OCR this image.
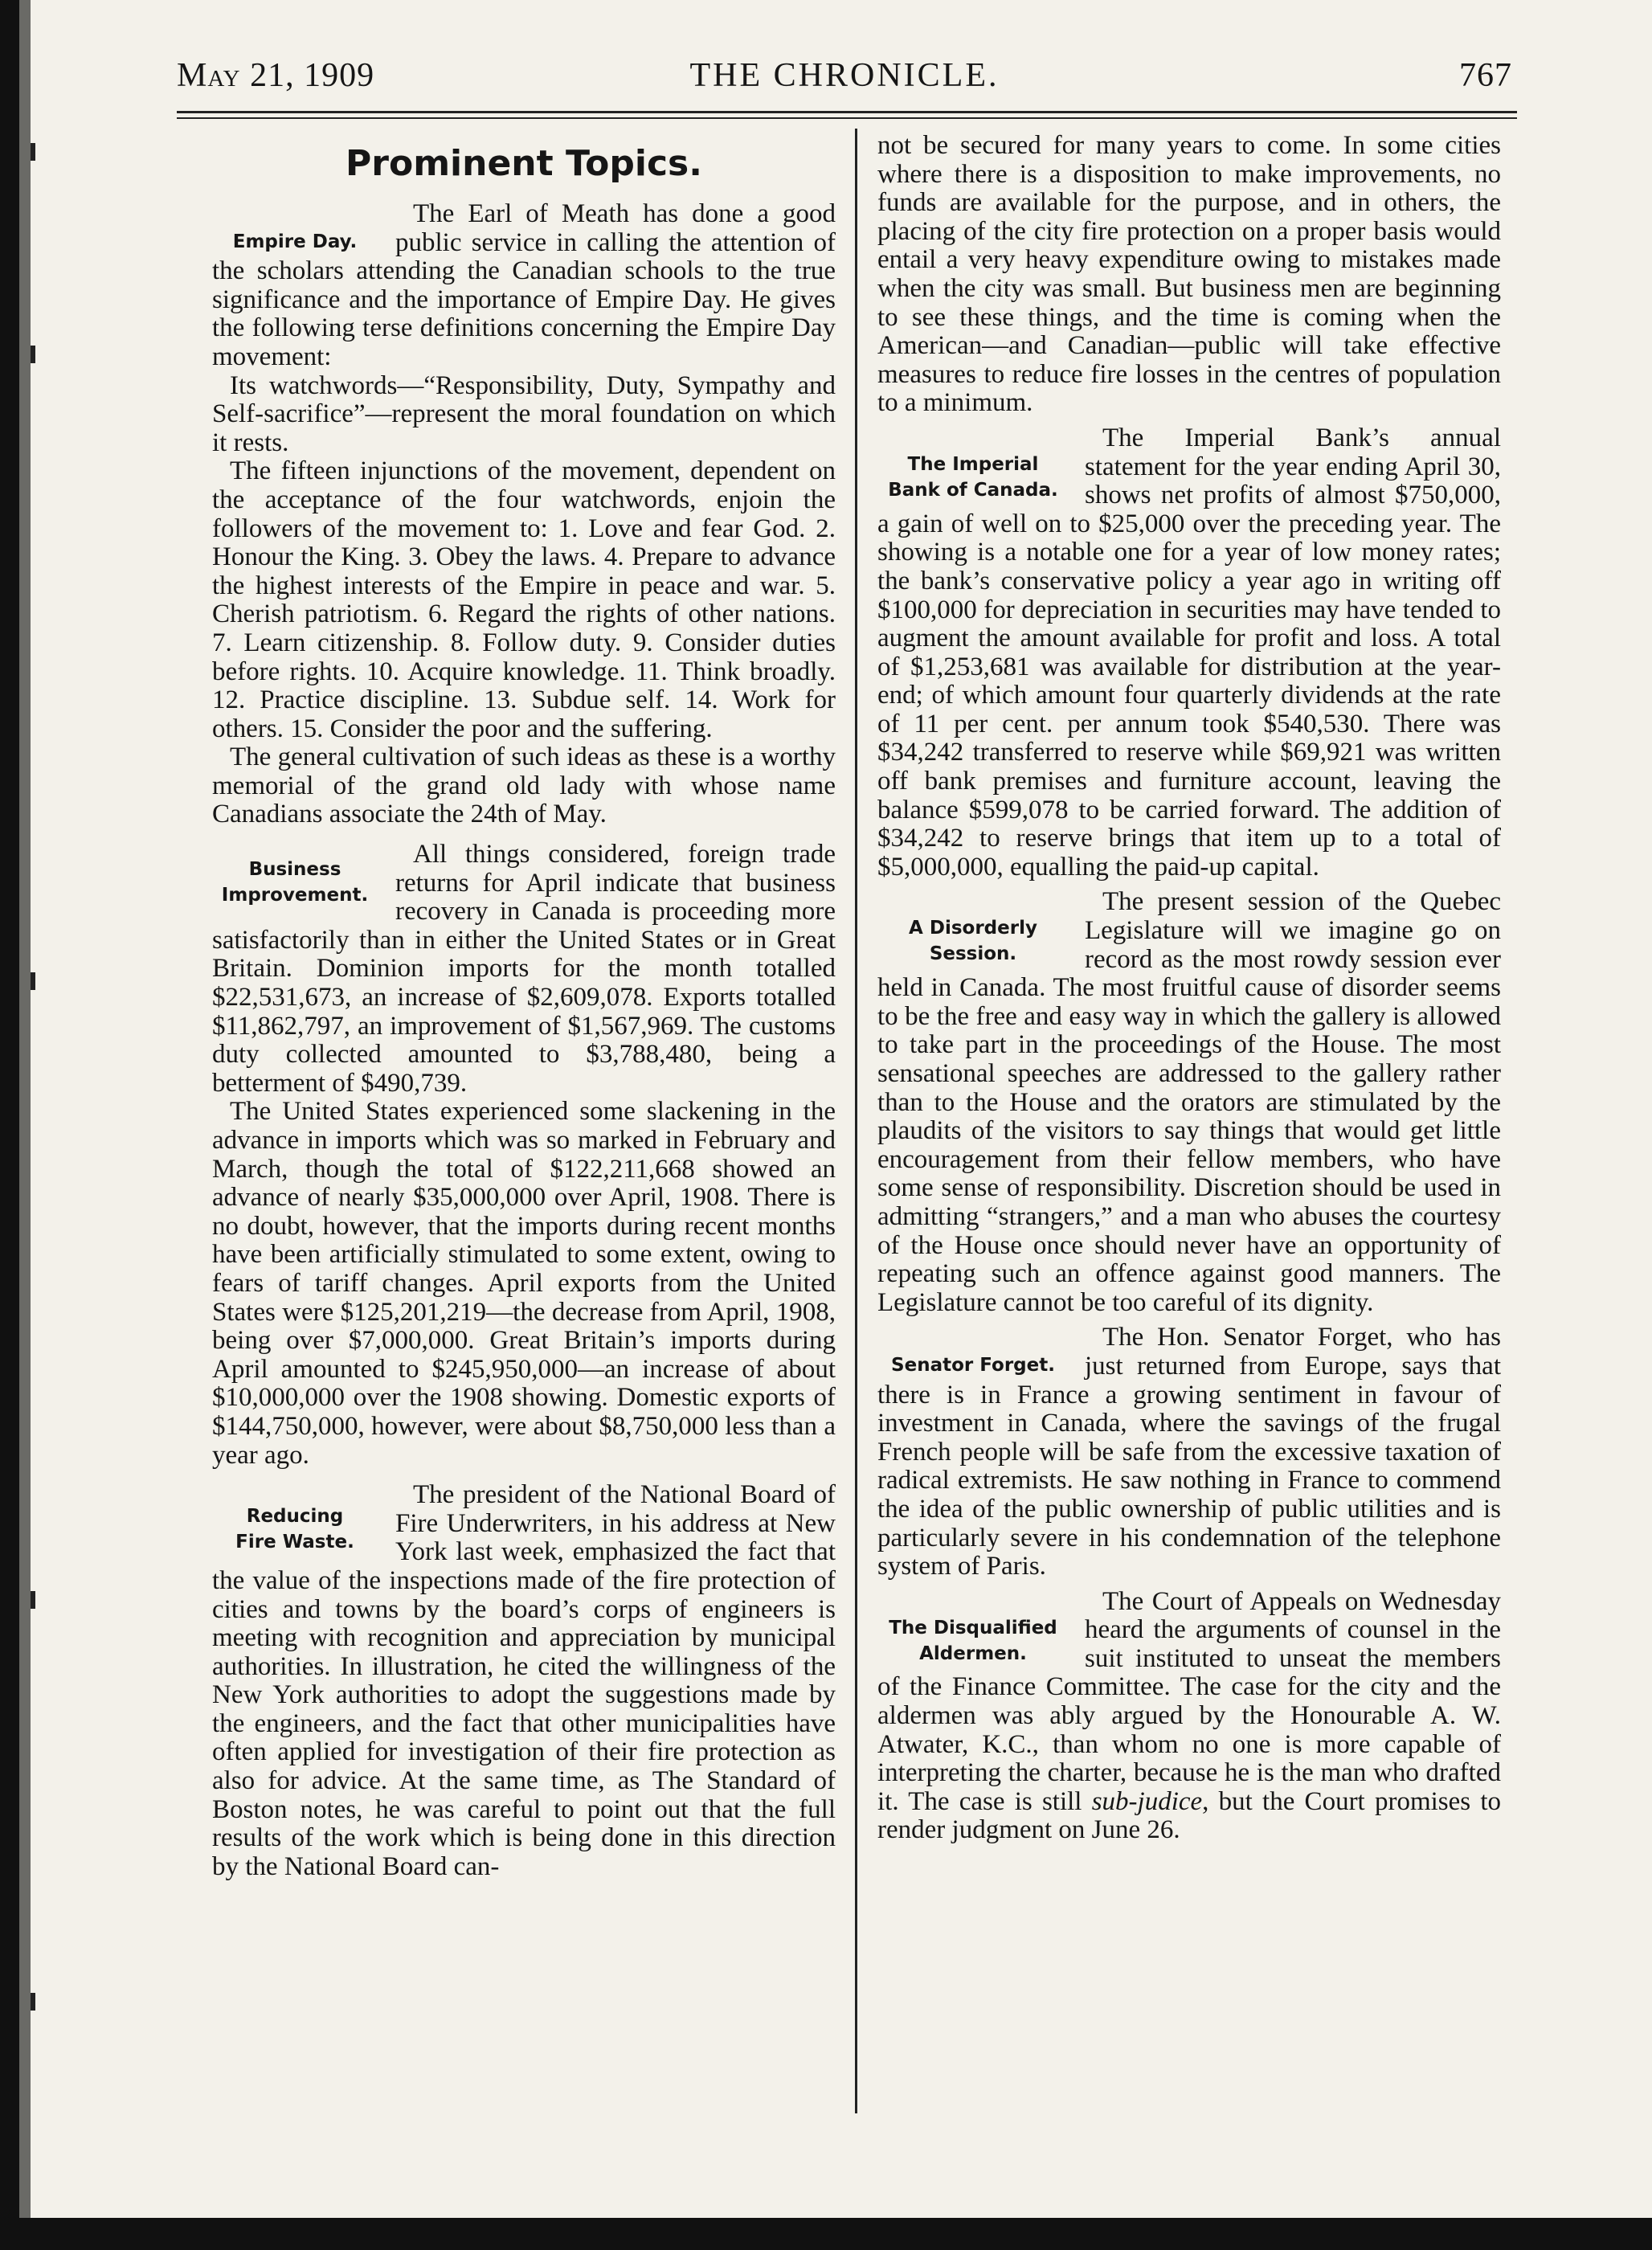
May 21, 1909	THE CHRONICLE.	767
Prominent Topics.
Empire Day.

The Earl of Meath has done a good public service in calling the attention of the scholars attending the Canadian schools to the true significance and the importance of Empire Day. He gives the following terse definitions concerning the Empire Day movement:

Its watchwords—“Responsibility, Duty, Sympathy and Self-sacrifice”—represent the moral foundation on which it rests.

The fifteen injunctions of the movement, dependent on the acceptance of the four watchwords, enjoin the followers of the movement to: 1. Love and fear God. 2. Honour the King. 3. Obey the laws. 4. Prepare to advance the highest interests of the Empire in peace and war. 5. Cherish patriotism. 6. Regard the rights of other nations. 7. Learn citizenship. 8. Follow duty. 9. Consider duties before rights. 10. Acquire knowledge. 11. Think broadly. 12. Practice discipline. 13. Subdue self. 14. Work for others. 15. Consider the poor and the suffering.

The general cultivation of such ideas as these is a worthy memorial of the grand old lady with whose name Canadians associate the 24th of May.

Business
Improvement.

All things considered, foreign trade returns for April indicate that business recovery in Canada is proceeding more satisfactorily than in either the United States or in Great Britain. Dominion imports for the month totalled $22,531,673, an increase of $2,609,078. Exports totalled $11,862,797, an improvement of $1,567,969. The customs duty collected amounted to $3,788,480, being a betterment of $490,739.

The United States experienced some slackening in the advance in imports which was so marked in February and March, though the total of $122,211,668 showed an advance of nearly $35,000,000 over April, 1908. There is no doubt, however, that the imports during recent months have been artificially stimulated to some extent, owing to fears of tariff changes. April exports from the United States were $125,201,219—the decrease from April, 1908, being over $7,000,000. Great Britain’s imports during April amounted to $245,950,000—an increase of about $10,000,000 over the 1908 showing. Domestic exports of $144,750,000, however, were about $8,750,000 less than a year ago.

Reducing
Fire Waste.

The president of the National Board of Fire Underwriters, in his address at New York last week, emphasized the fact that the value of the inspections made of the fire protection of cities and towns by the board’s corps of engineers is meeting with recognition and appreciation by municipal authorities. In illustration, he cited the willingness of the New York authorities to adopt the suggestions made by the engineers, and the fact that other municipalities have often applied for investigation of their fire protection as also for advice. At the same time, as The Standard of Boston notes, he was careful to point out that the full results of the work which is being done in this direction by the National Board can-

not be secured for many years to come. In some cities where there is a disposition to make improvements, no funds are available for the purpose, and in others, the placing of the city fire protection on a proper basis would entail a very heavy expenditure owing to mistakes made when the city was small. But business men are beginning to see these things, and the time is coming when the American—and Canadian—public will take effective measures to reduce fire losses in the centres of population to a minimum.

The Imperial
Bank of Canada.

The Imperial Bank’s annual statement for the year ending April 30, shows net profits of almost $750,000, a gain of well on to $25,000 over the preceding year. The showing is a notable one for a year of low money rates; the bank’s conservative policy a year ago in writing off $100,000 for depreciation in securities may have tended to augment the amount available for profit and loss. A total of $1,253,681 was available for distribution at the year-end; of which amount four quarterly dividends at the rate of 11 per cent. per annum took $540,530. There was $34,242 transferred to reserve while $69,921 was written off bank premises and furniture account, leaving the balance $599,078 to be carried forward. The addition of $34,242 to reserve brings that item up to a total of $5,000,000, equalling the paid-up capital.

A Disorderly
Session.

The present session of the Quebec Legislature will we imagine go on record as the most rowdy session ever held in Canada. The most fruitful cause of disorder seems to be the free and easy way in which the gallery is allowed to take part in the proceedings of the House. The most sensational speeches are addressed to the gallery rather than to the House and the orators are stimulated by the plaudits of the visitors to say things that would get little encouragement from their fellow members, who have some sense of responsibility. Discretion should be used in admitting “strangers,” and a man who abuses the courtesy of the House once should never have an opportunity of repeating such an offence against good manners. The Legislature cannot be too careful of its dignity.

Senator Forget.

The Hon. Senator Forget, who has just returned from Europe, says that there is in France a growing sentiment in favour of investment in Canada, where the savings of the frugal French people will be safe from the excessive taxation of radical extremists. He saw nothing in France to commend the idea of the public ownership of public utilities and is particularly severe in his condemnation of the telephone system of Paris.

The Disqualified
Aldermen.

The Court of Appeals on Wednesday heard the arguments of counsel in the suit instituted to unseat the members of the Finance Committee. The case for the city and the aldermen was ably argued by the Honourable A. W. Atwater, K.C., than whom no one is more capable of interpreting the charter, because he is the man who drafted it. The case is still sub-judice, but the Court promises to render judgment on June 26.
